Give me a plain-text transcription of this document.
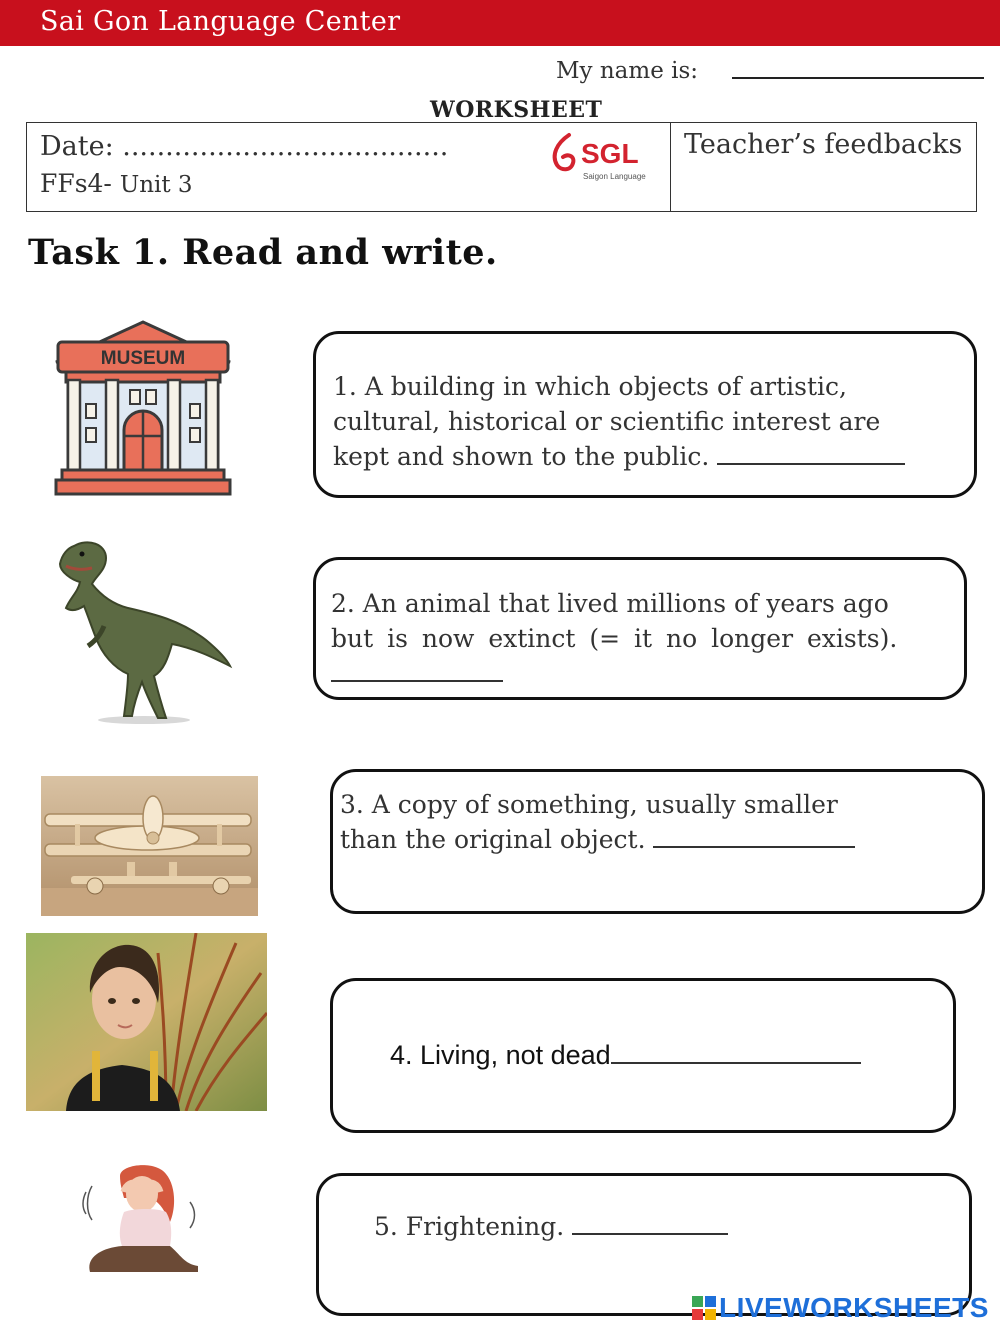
Sai Gon Language Center
My name is:
WORKSHEET
Date: ......................................
FFs4- Unit 3
SGL
Saigon Language
Teacher’s feedbacks
Task 1. Read and write.
MUSEUM
1. A building in which objects of artistic,
cultural, historical or scientific interest are
kept and shown to the public.
2. An animal that lived millions of years ago
but is now extinct (= it no longer exists).
3. A copy of something, usually smaller
than the original object.
4. Living, not dead
5. Frightening.
LIVEWORKSHEETS
